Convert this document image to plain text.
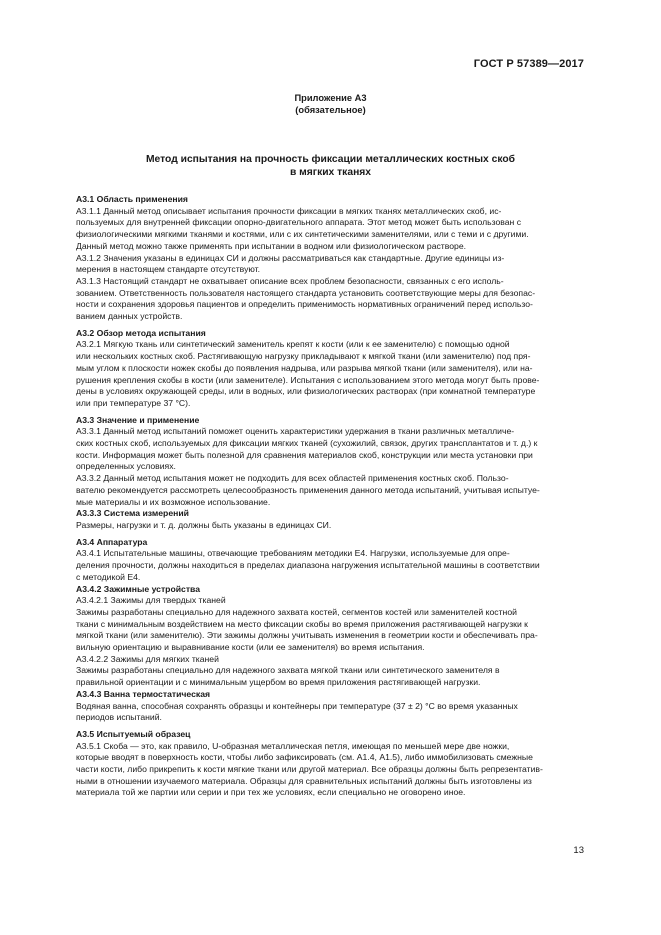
ГОСТ Р 57389—2017
Приложение А3
(обязательное)
Метод испытания на прочность фиксации металлических костных скоб
в мягких тканях
А3.1 Область применения
А3.1.1 Данный метод описывает испытания прочности фиксации в мягких тканях металлических скоб, ис-
пользуемых для внутренней фиксации опорно-двигательного аппарата. Этот метод может быть использован с
физиологическими мягкими тканями и костями, или с их синтетическими заменителями, или с теми и с другими.
Данный метод можно также применять при испытании в водном или физиологическом растворе.
А3.1.2 Значения указаны в единицах СИ и должны рассматриваться как стандартные. Другие единицы из-
мерения в настоящем стандарте отсутствуют.
А3.1.3 Настоящий стандарт не охватывает описание всех проблем безопасности, связанных с его исполь-
зованием. Ответственность пользователя настоящего стандарта установить соответствующие меры для безопас-
ности и сохранения здоровья пациентов и определить применимость нормативных ограничений перед использо-
ванием данных устройств.
А3.2 Обзор метода испытания
А3.2.1 Мягкую ткань или синтетический заменитель крепят к кости (или к ее заменителю) с помощью одной
или нескольких костных скоб. Растягивающую нагрузку прикладывают к мягкой ткани (или заменителю) под пря-
мым углом к плоскости ножек скобы до появления надрыва, или разрыва мягкой ткани (или заменителя), или на-
рушения крепления скобы в кости (или заменителе). Испытания с использованием этого метода могут быть прове-
дены в условиях окружающей среды, или в водных, или физиологических растворах (при комнатной температуре
или при температуре 37 °С).
А3.3 Значение и применение
А3.3.1 Данный метод испытаний поможет оценить характеристики удержания в ткани различных металличе-
ских костных скоб, используемых для фиксации мягких тканей (сухожилий, связок, других трансплантатов и т. д.) к
кости. Информация может быть полезной для сравнения материалов скоб, конструкции или места установки при
определенных условиях.
А3.3.2 Данный метод испытания может не подходить для всех областей применения костных скоб. Пользо-
вателю рекомендуется рассмотреть целесообразность применения данного метода испытаний, учитывая испытуе-
мые материалы и их возможное использование.
А3.3.3 Система измерений
Размеры, нагрузки и т. д. должны быть указаны в единицах СИ.
А3.4 Аппаратура
А3.4.1 Испытательные машины, отвечающие требованиям методики Е4. Нагрузки, используемые для опре-
деления прочности, должны находиться в пределах диапазона нагружения испытательной машины в соответствии
с методикой Е4.
А3.4.2 Зажимные устройства
А3.4.2.1 Зажимы для твердых тканей
Зажимы разработаны специально для надежного захвата костей, сегментов костей или заменителей костной
ткани с минимальным воздействием на место фиксации скобы во время приложения растягивающей нагрузки к
мягкой ткани (или заменителю). Эти зажимы должны учитывать изменения в геометрии кости и обеспечивать пра-
вильную ориентацию и выравнивание кости (или ее заменителя) во время испытания.
А3.4.2.2 Зажимы для мягких тканей
Зажимы разработаны специально для надежного захвата мягкой ткани или синтетического заменителя в
правильной ориентации и с минимальным ущербом во время приложения растягивающей нагрузки.
А3.4.3 Ванна термостатическая
Водяная ванна, способная сохранять образцы и контейнеры при температуре (37 ± 2) °С во время указанных
периодов испытаний.
А3.5 Испытуемый образец
А3.5.1 Скоба — это, как правило, U-образная металлическая петля, имеющая по меньшей мере две ножки,
которые вводят в поверхность кости, чтобы либо зафиксировать (см. А1.4, А1.5), либо иммобилизовать смежные
части кости, либо прикрепить к кости мягкие ткани или другой материал. Все образцы должны быть репрезентатив-
ными в отношении изучаемого материала. Образцы для сравнительных испытаний должны быть изготовлены из
материала той же партии или серии и при тех же условиях, если специально не оговорено иное.
13
